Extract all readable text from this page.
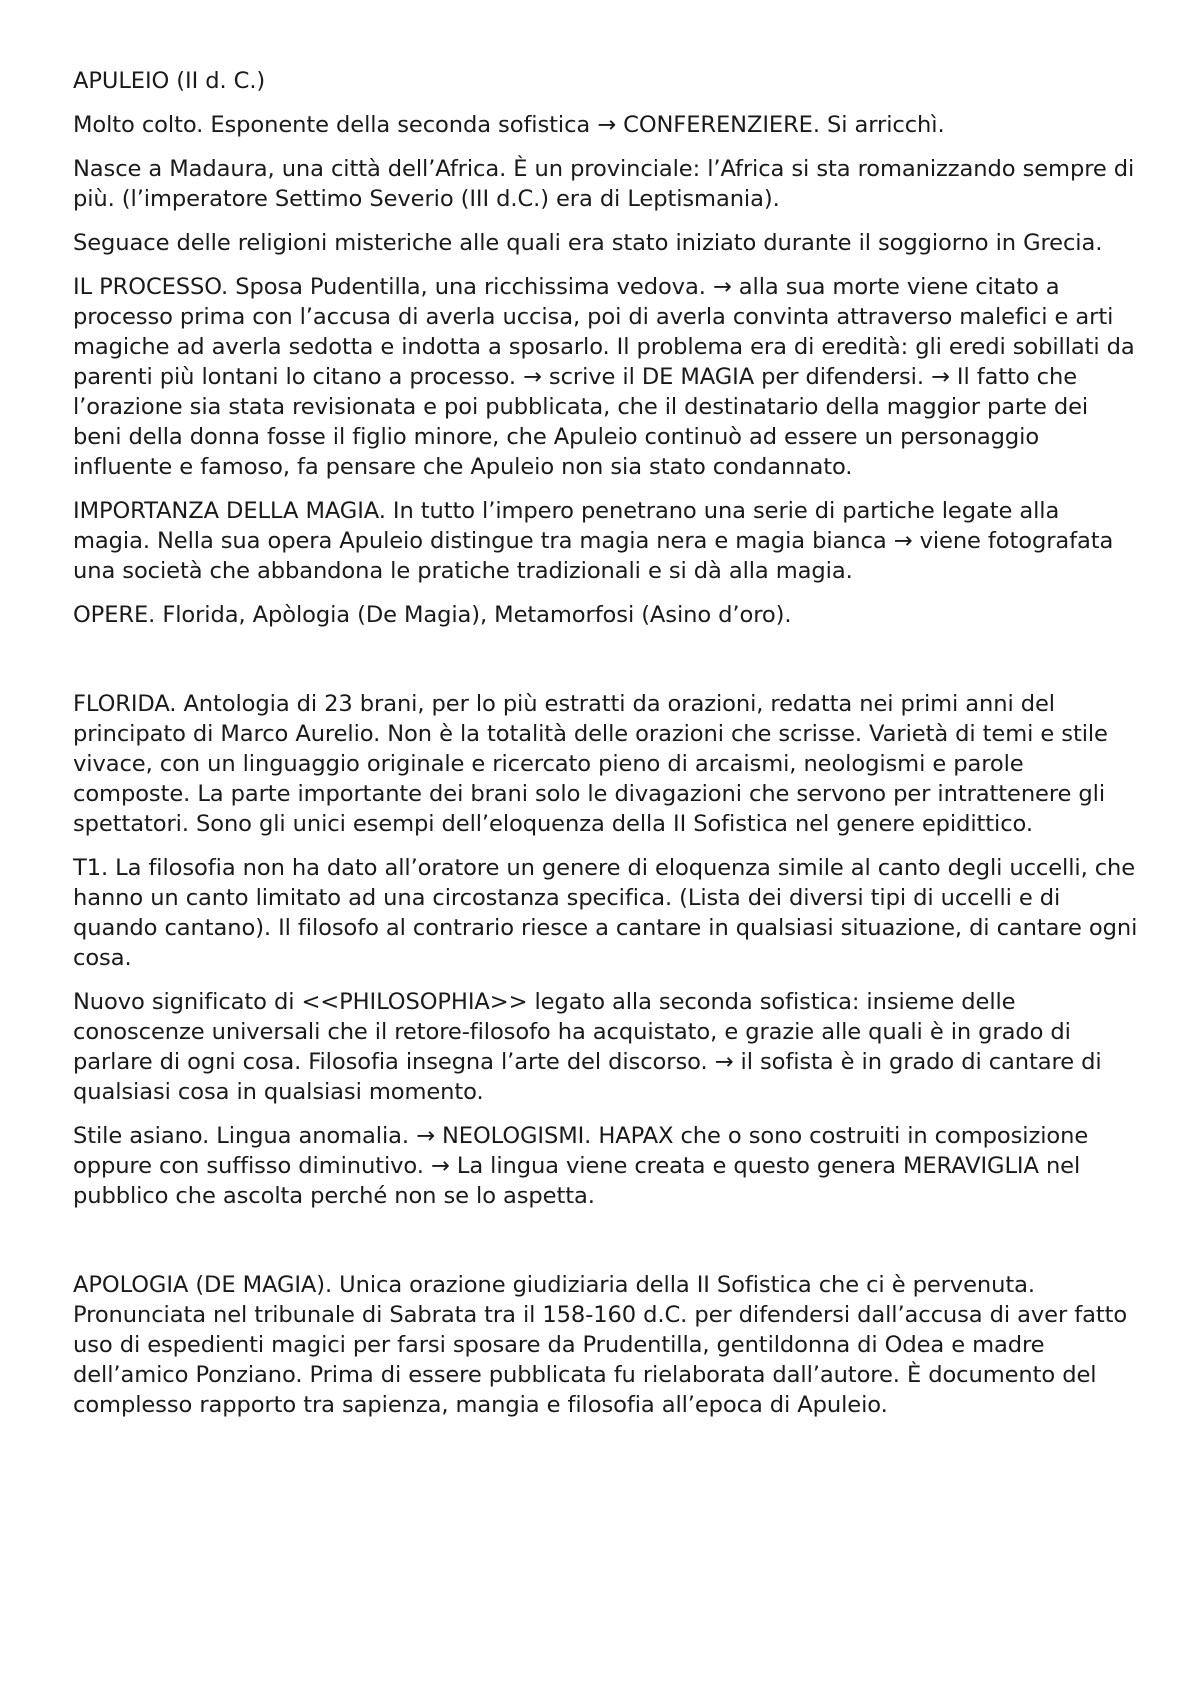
APULEIO (II d. C.)

Molto colto. Esponente della seconda sofistica → CONFERENZIERE. Si arricchì.

Nasce a Madaura, una città dell’Africa. È un provinciale: l’Africa si sta romanizzando sempre di più. (l’imperatore Settimo Severio (III d.C.) era di Leptismania).

Seguace delle religioni misteriche alle quali era stato iniziato durante il soggiorno in Grecia.

IL PROCESSO. Sposa Pudentilla, una ricchissima vedova. → alla sua morte viene citato a processo prima con l’accusa di averla uccisa, poi di averla convinta attraverso malefici e arti magiche ad averla sedotta e indotta a sposarlo. Il problema era di eredità: gli eredi sobillati da parenti più lontani lo citano a processo. → scrive il DE MAGIA per difendersi. → Il fatto che l’orazione sia stata revisionata e poi pubblicata, che il destinatario della maggior parte dei beni della donna fosse il figlio minore, che Apuleio continuò ad essere un personaggio influente e famoso, fa pensare che Apuleio non sia stato condannato.

IMPORTANZA DELLA MAGIA. In tutto l’impero penetrano una serie di partiche legate alla magia. Nella sua opera Apuleio distingue tra magia nera e magia bianca → viene fotografata una società che abbandona le pratiche tradizionali e si dà alla magia.

OPERE. Florida, Apòlogia (De Magia), Metamorfosi (Asino d’oro).

FLORIDA. Antologia di 23 brani, per lo più estratti da orazioni, redatta nei primi anni del principato di Marco Aurelio. Non è la totalità delle orazioni che scrisse. Varietà di temi e stile vivace, con un linguaggio originale e ricercato pieno di arcaismi, neologismi e parole composte. La parte importante dei brani solo le divagazioni che servono per intrattenere gli spettatori. Sono gli unici esempi dell’eloquenza della II Sofistica nel genere epidittico.

T1. La filosofia non ha dato all’oratore un genere di eloquenza simile al canto degli uccelli, che hanno un canto limitato ad una circostanza specifica. (Lista dei diversi tipi di uccelli e di quando cantano). Il filosofo al contrario riesce a cantare in qualsiasi situazione, di cantare ogni cosa.

Nuovo significato di <<PHILOSOPHIA>> legato alla seconda sofistica: insieme delle conoscenze universali che il retore-filosofo ha acquistato, e grazie alle quali è in grado di parlare di ogni cosa. Filosofia insegna l’arte del discorso. → il sofista è in grado di cantare di qualsiasi cosa in qualsiasi momento.

Stile asiano. Lingua anomalia. → NEOLOGISMI. HAPAX che o sono costruiti in composizione oppure con suffisso diminutivo. → La lingua viene creata e questo genera MERAVIGLIA nel pubblico che ascolta perché non se lo aspetta.

APOLOGIA (DE MAGIA). Unica orazione giudiziaria della II Sofistica che ci è pervenuta. Pronunciata nel tribunale di Sabrata tra il 158-160 d.C. per difendersi dall’accusa di aver fatto uso di espedienti magici per farsi sposare da Prudentilla, gentildonna di Odea e madre dell’amico Ponziano. Prima di essere pubblicata fu rielaborata dall’autore. È documento del complesso rapporto tra sapienza, mangia e filosofia all’epoca di Apuleio.
